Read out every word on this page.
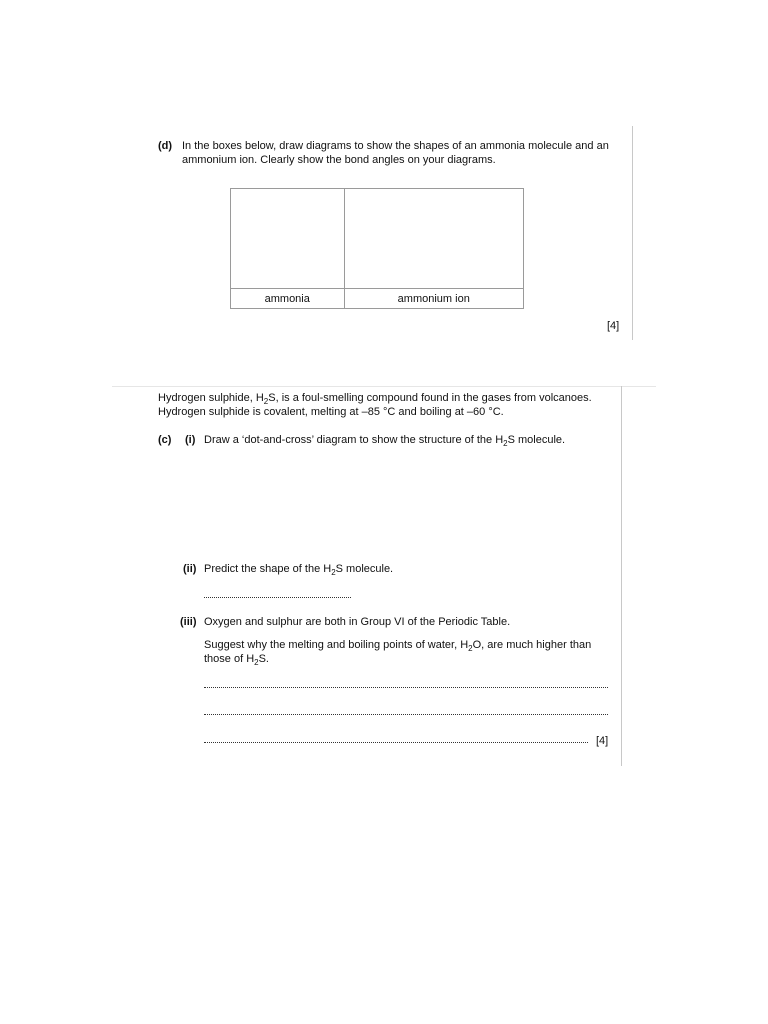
(d) In the boxes below, draw diagrams to show the shapes of an ammonia molecule and an
ammonium ion. Clearly show the bond angles on your diagrams.

ammonia	ammonium ion
[4]
Hydrogen sulphide, $H_2S$, is a foul-smelling compound found in the gases from volcanoes.
Hydrogen sulphide is covalent, melting at –85 °C and boiling at –60 °C.
(c) (i) Draw a ‘dot-and-cross’ diagram to show the structure of the $H_2S$ molecule.
(ii) Predict the shape of the $H_2S$ molecule.
(iii) Oxygen and sulphur are both in Group VI of the Periodic Table.
Suggest why the melting and boiling points of water, $H_2O$, are much higher than
those of $H_2S$.
[4]
